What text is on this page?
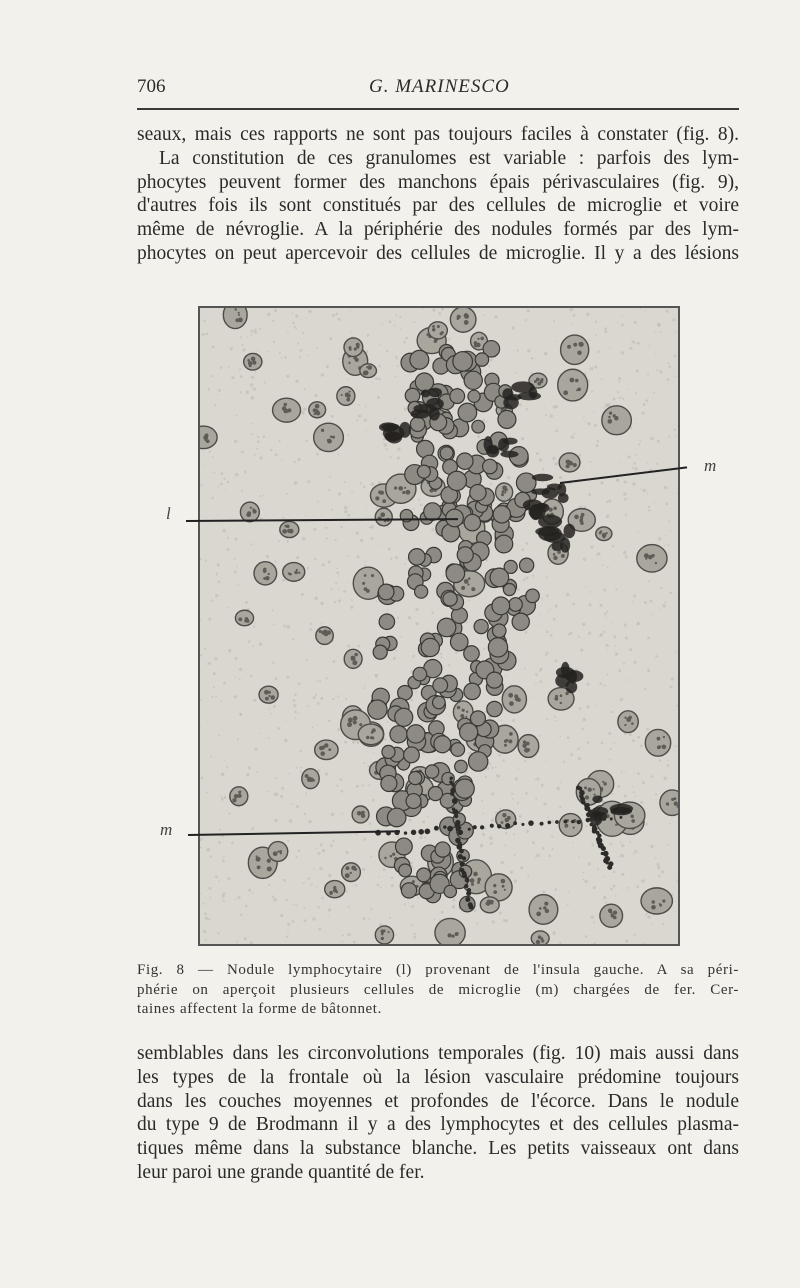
706	G. MARINESCO
seaux, mais ces rapports ne sont pas toujours faciles à constater (fig. 8).
La constitution de ces granulomes est variable : parfois des lym-
phocytes peuvent former des manchons épais périvasculaires (fig. 9),
d'autres fois ils sont constitués par des cellules de microglie et voire
même de névroglie. A la périphérie des nodules formés par des lym-
phocytes on peut apercevoir des cellules de microglie. Il y a des lésions
m
l
m
Fig. 8 — Nodule lymphocytaire (l) provenant de l'insula gauche. A sa péri-
phérie on aperçoit plusieurs cellules de microglie (m) chargées de fer. Cer-
taines affectent la forme de bâtonnet.
semblables dans les circonvolutions temporales (fig. 10) mais aussi dans
les types de la frontale où la lésion vasculaire prédomine toujours
dans les couches moyennes et profondes de l'écorce. Dans le nodule
du type 9 de Brodmann il y a des lymphocytes et des cellules plasma-
tiques même dans la substance blanche. Les petits vaisseaux ont dans
leur paroi une grande quantité de fer.
